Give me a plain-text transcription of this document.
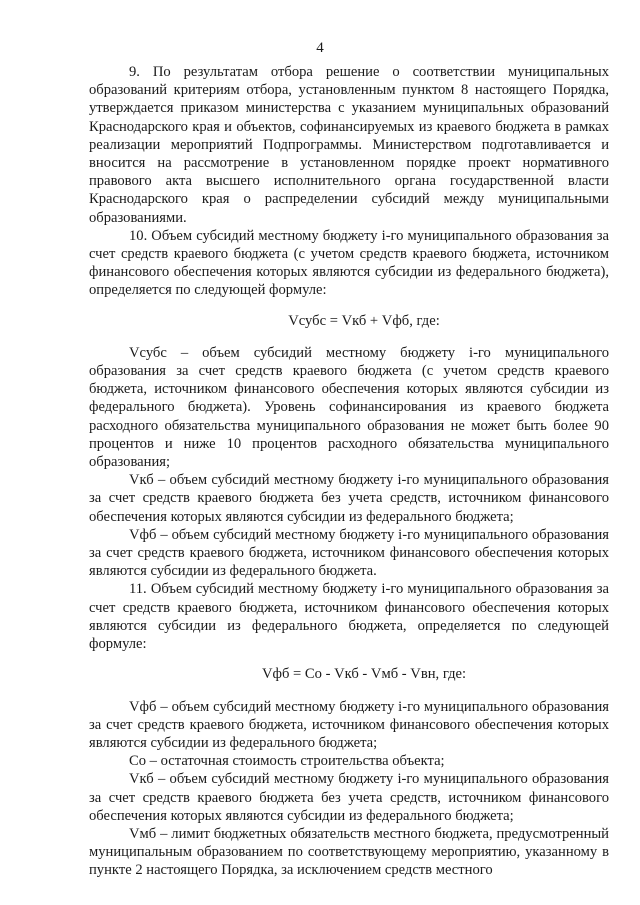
4

9. По результатам отбора решение о соответствии муниципальных образований критериям отбора, установленным пунктом 8 настоящего Порядка, утверждается приказом министерства с указанием муниципальных образований Краснодарского края и объектов, софинансируемых из краевого бюджета в рамках реализации мероприятий Подпрограммы. Министерством подготавливается и вносится на рассмотрение в установленном порядке проект нормативного правового акта высшего исполнительного органа государственной власти Краснодарского края о распределении субсидий между муниципальными образованиями.

10. Объем субсидий местному бюджету i-го муниципального образования за счет средств краевого бюджета (с учетом средств краевого бюджета, источником финансового обеспечения которых являются субсидии из федерального бюджета), определяется по следующей формуле:

Vсубс = Vкб + Vфб, где:

Vсубс – объем субсидий местному бюджету i-го муниципального образования за счет средств краевого бюджета (с учетом средств краевого бюджета, источником финансового обеспечения которых являются субсидии из федерального бюджета). Уровень софинансирования из краевого бюджета расходного обязательства муниципального образования не может быть более 90 процентов и ниже 10 процентов расходного обязательства муниципального образования;

Vкб – объем субсидий местному бюджету i-го муниципального образования за счет средств краевого бюджета без учета средств, источником финансового обеспечения которых являются субсидии из федерального бюджета;

Vфб – объем субсидий местному бюджету i-го муниципального образования за счет средств краевого бюджета, источником финансового обеспечения которых являются субсидии из федерального бюджета.

11. Объем субсидий местному бюджету i-го муниципального образования за счет средств краевого бюджета, источником финансового обеспечения которых являются субсидии из федерального бюджета, определяется по следующей формуле:

Vфб = Со - Vкб - Vмб - Vвн, где:

Vфб – объем субсидий местному бюджету i-го муниципального образования за счет средств краевого бюджета, источником финансового обеспечения которых являются субсидии из федерального бюджета;

Со – остаточная стоимость строительства объекта;

Vкб – объем субсидий местному бюджету i-го муниципального образования за счет средств краевого бюджета без учета средств, источником финансового обеспечения которых являются субсидии из федерального бюджета;

Vмб – лимит бюджетных обязательств местного бюджета, предусмотренный муниципальным образованием по соответствующему мероприятию, указанному в пункте 2 настоящего Порядка, за исключением средств местного
